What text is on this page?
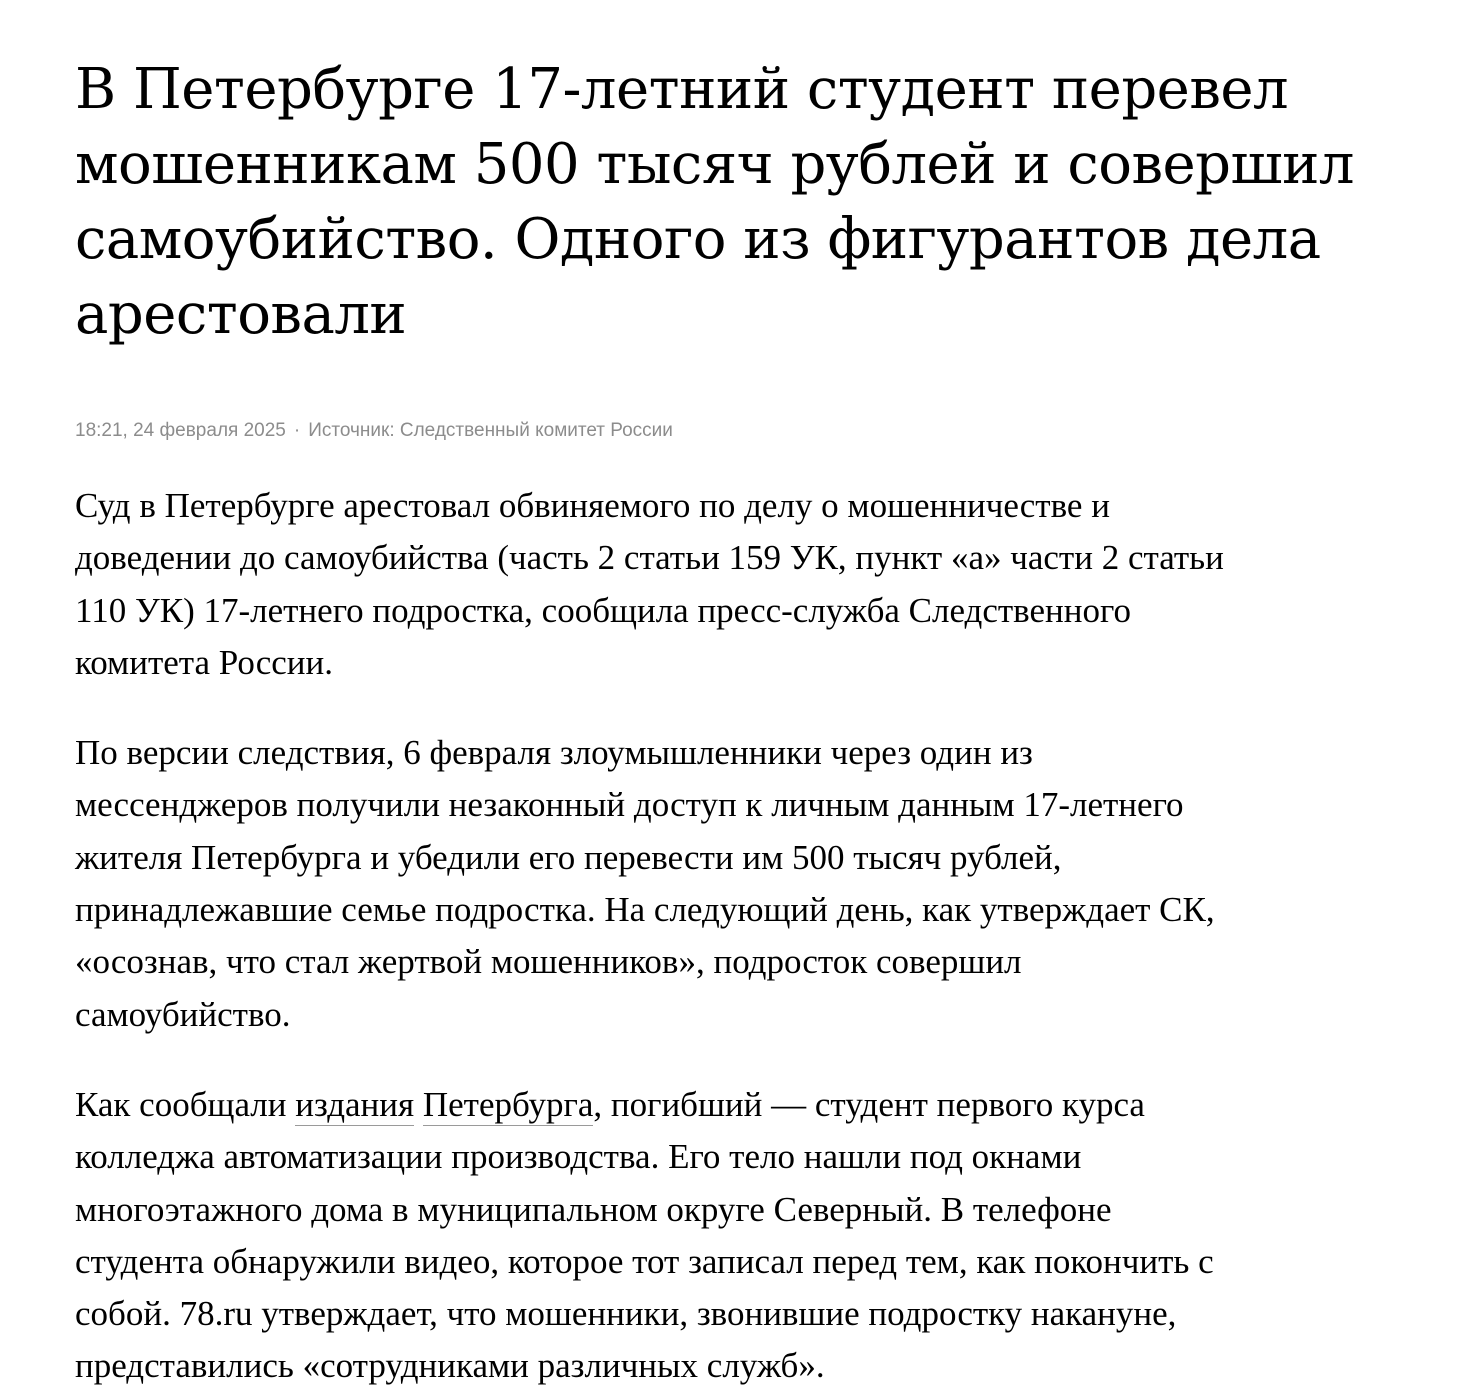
В Петербурге 17-летний студент перевел мошенникам 500 тысяч рублей и совершил самоубийство. Одного из фигурантов дела арестовали
18:21, 24 февраля 2025 · Источник: Следственный комитет России

Суд в Петербурге арестовал обвиняемого по делу о мошенничестве и доведении до самоубийства (часть 2 статьи 159 УК, пункт «а» части 2 статьи 110 УК) 17-летнего подростка, сообщила пресс-служба Следственного комитета России.

По версии следствия, 6 февраля злоумышленники через один из мессенджеров получили незаконный доступ к личным данным 17-летнего жителя Петербурга и убедили его перевести им 500 тысяч рублей, принадлежавшие семье подростка. На следующий день, как утверждает СК, «осознав, что стал жертвой мошенников», подросток совершил самоубийство.

Как сообщали издания Петербурга, погибший — студент первого курса колледжа автоматизации производства. Его тело нашли под окнами многоэтажного дома в муниципальном округе Северный. В телефоне студента обнаружили видео, которое тот записал перед тем, как покончить с собой. 78.ru утверждает, что мошенники, звонившие подростку накануне, представились «сотрудниками различных служб».
